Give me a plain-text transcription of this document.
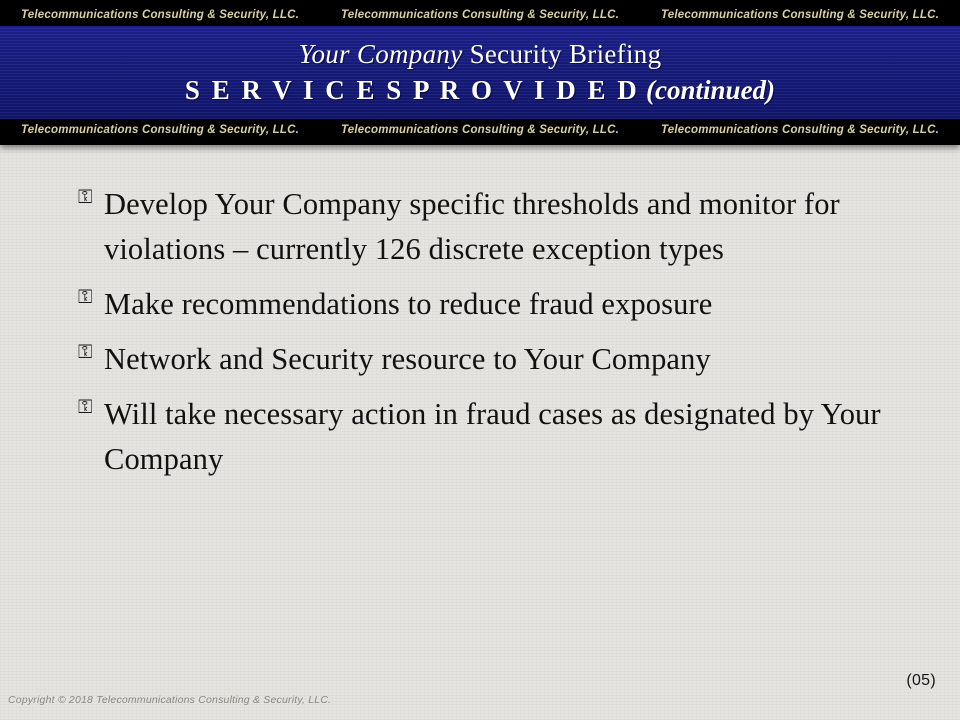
Telecommunications Consulting & Security, LLC.	Telecommunications Consulting & Security, LLC.	Telecommunications Consulting & Security, LLC.
Your Company Security Briefing
S E R V I C E S P R O V I D E D (continued)
Telecommunications Consulting & Security, LLC.	Telecommunications Consulting & Security, LLC.	Telecommunications Consulting & Security, LLC.
⚿ Develop Your Company specific thresholds and monitor for violations – currently 126 discrete exception types
⚿ Make recommendations to reduce fraud exposure
⚿ Network and Security resource to Your Company
⚿ Will take necessary action in fraud cases as designated by Your Company
Copyright © 2018 Telecommunications Consulting & Security, LLC.
(05)
